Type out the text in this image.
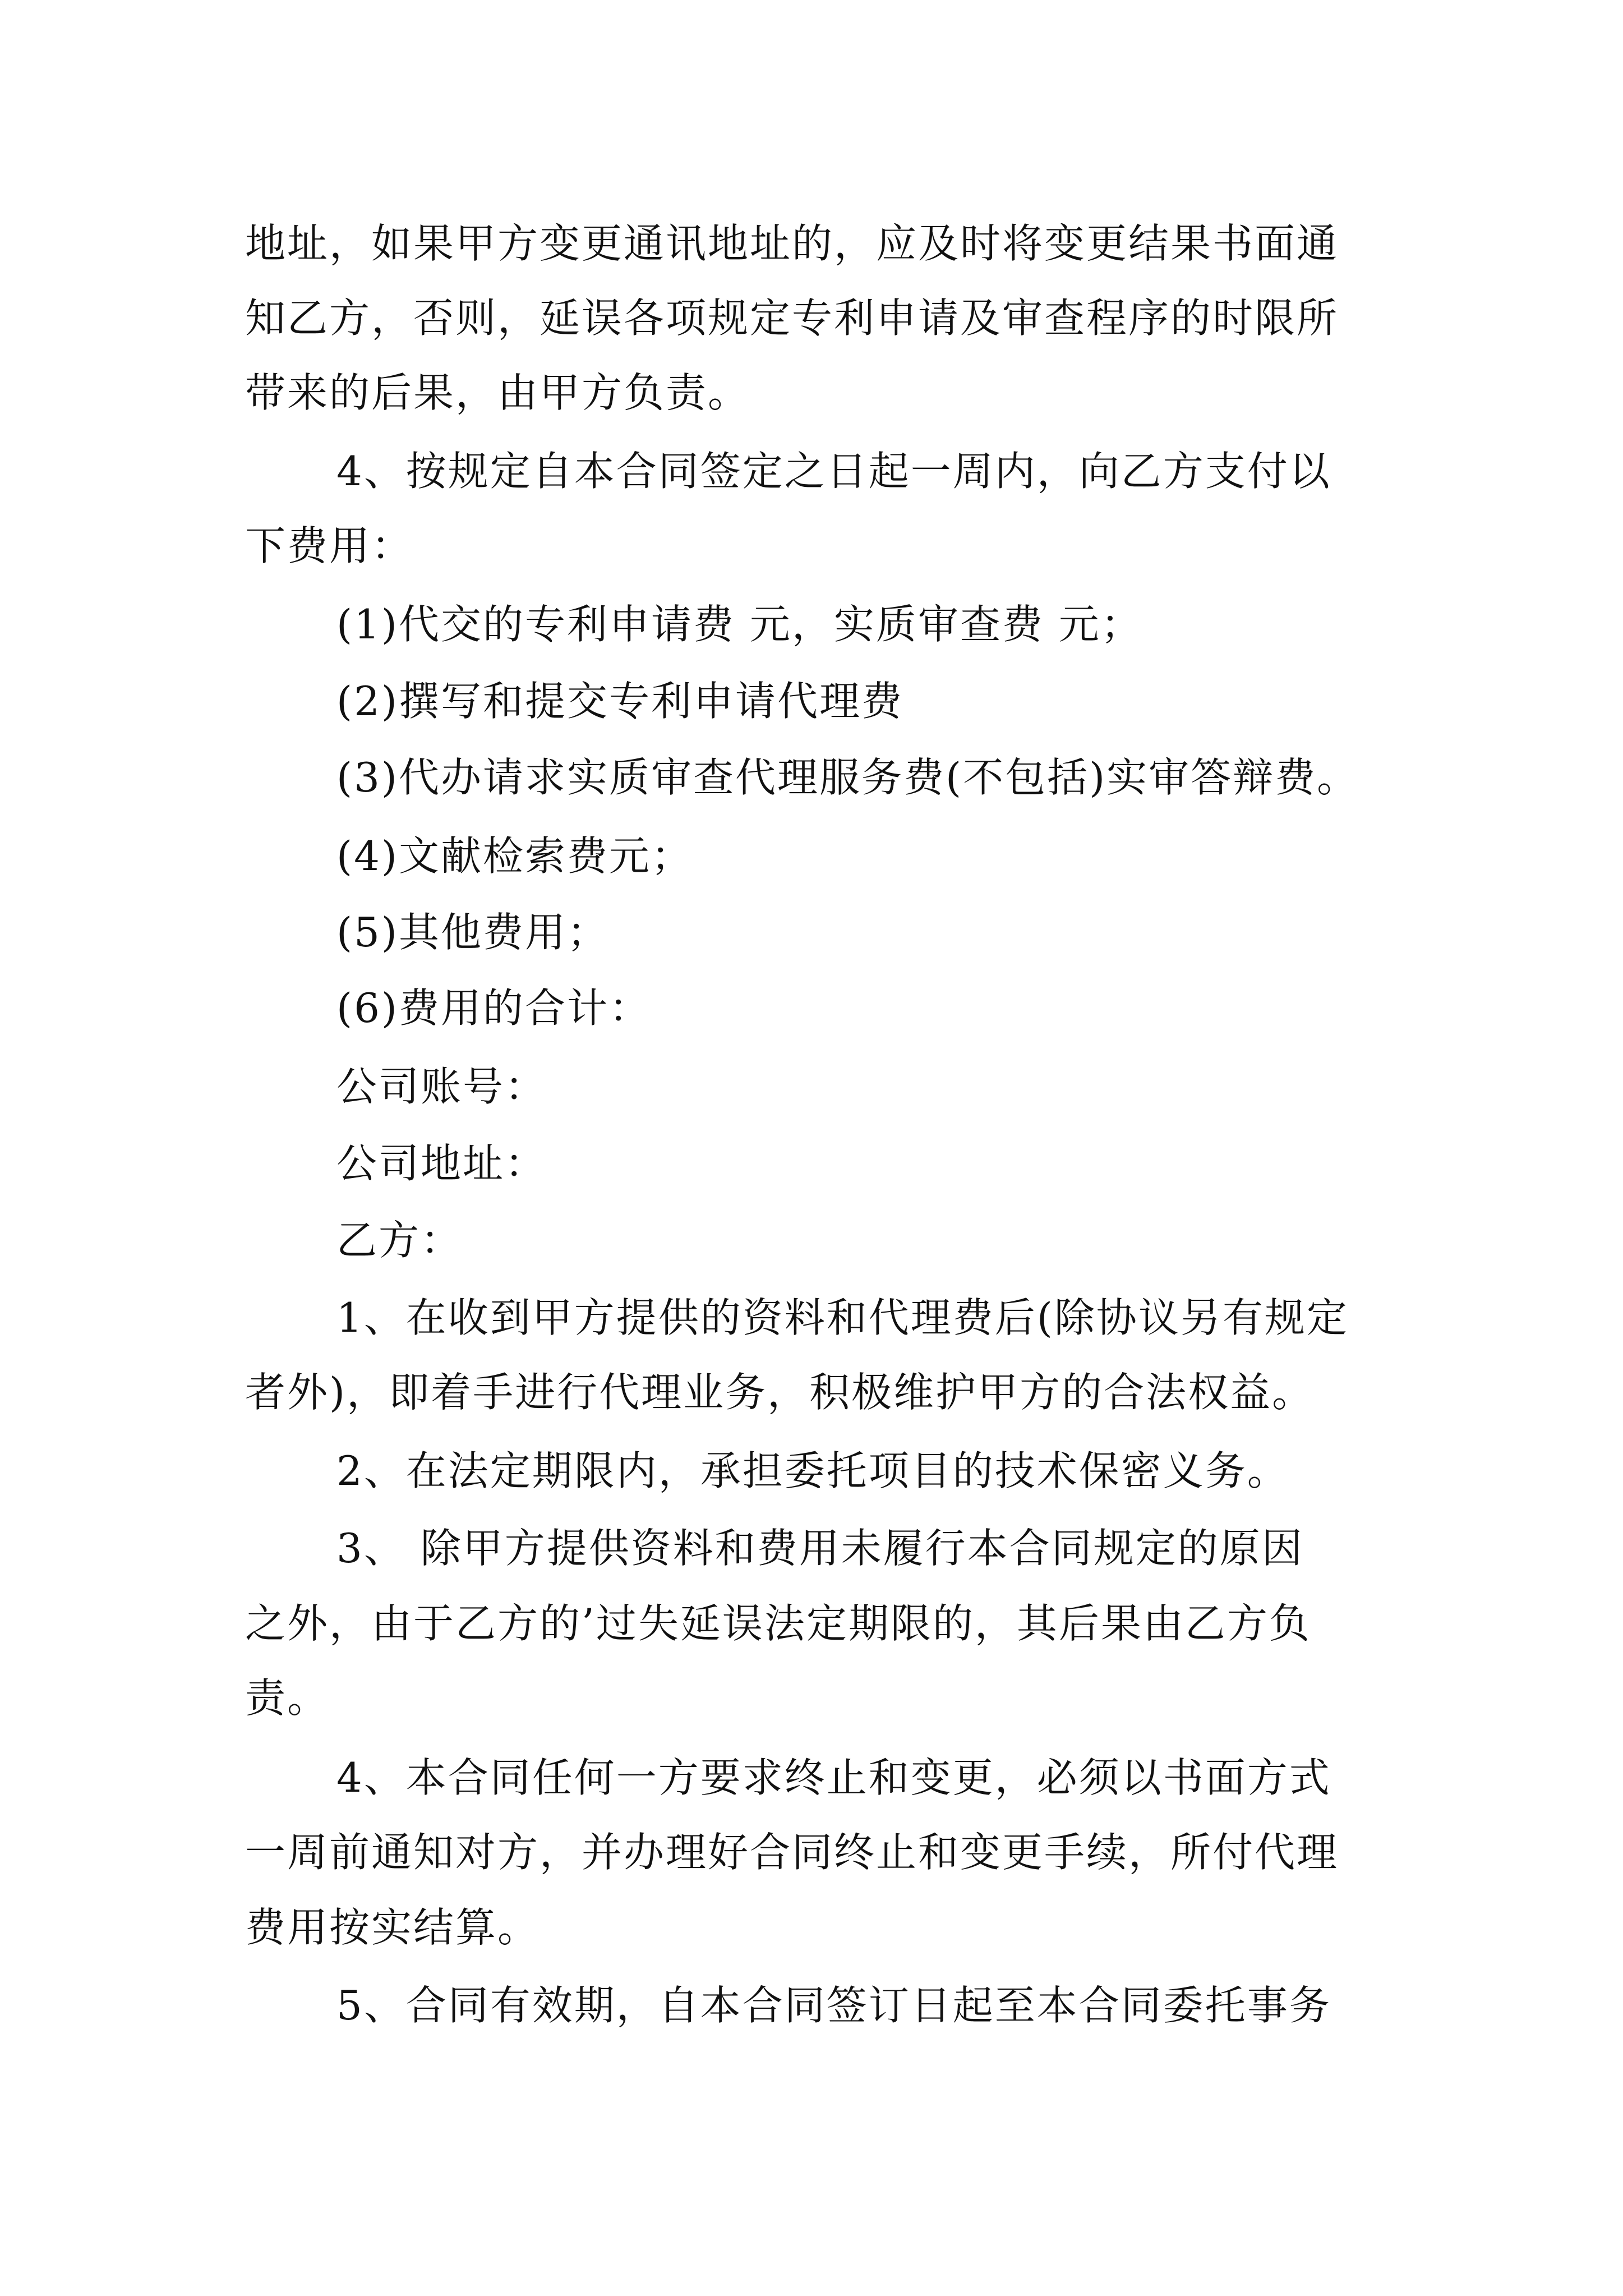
地址，如果甲方变更通讯地址的，应及时将变更结果书面通
知乙方，否则，延误各项规定专利申请及审查程序的时限所
带来的后果，由甲方负责。
4、按规定自本合同签定之日起一周内，向乙方支付以
下费用：
(1)代交的专利申请费 元，实质审查费 元；
(2)撰写和提交专利申请代理费
(3)代办请求实质审查代理服务费(不包括)实审答辩费。
(4)文献检索费元；
(5)其他费用；
(6)费用的合计：
公司账号：
公司地址：
乙方：
1、在收到甲方提供的资料和代理费后(除协议另有规定
者外)，即着手进行代理业务，积极维护甲方的合法权益。
2、在法定期限内，承担委托项目的技术保密义务。
3、 除甲方提供资料和费用未履行本合同规定的原因
之外，由于乙方的’过失延误法定期限的，其后果由乙方负
责。
4、本合同任何一方要求终止和变更，必须以书面方式
一周前通知对方，并办理好合同终止和变更手续，所付代理
费用按实结算。
5、合同有效期，自本合同签订日起至本合同委托事务
